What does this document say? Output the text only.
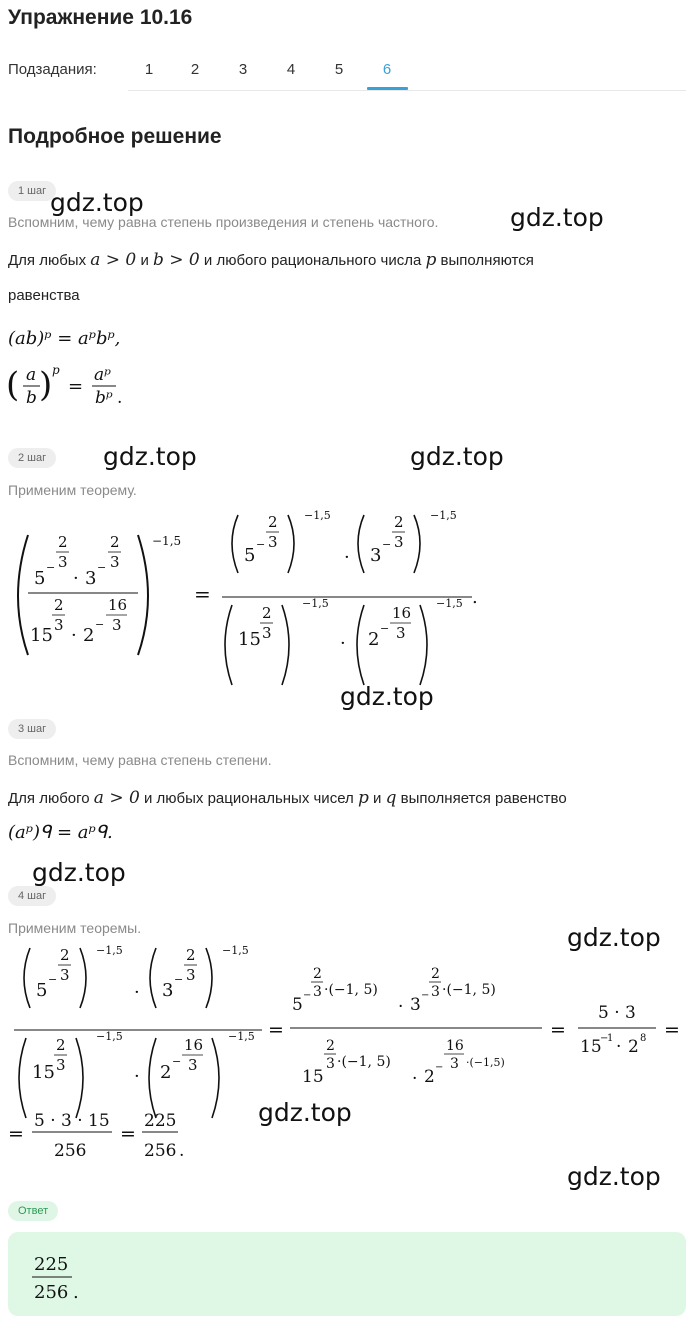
Упражнение 10.16
Подзадания:	1	2	3	4	5	6
Подробное решение
1 шаг
Вспомним, чему равна степень произведения и степень частного.
Для любых a > 0 и b > 0 и любого рационального числа p выполняются
равенства
(ab)ᵖ = aᵖbᵖ,
( a
b ) p
=
aᵖ
bᵖ .
2 шаг
Применим теорему.
5
−
2
3
· 3
−
2
3
15
2
3 · 2
−
16
3
−1,5
=
5
−
2
3
−1,5
· 3
−
2
3
−1,5
.
15
2
3
−1,5
· 2
−
16
3
−1,5
3 шаг
Вспомним, чему равна степень степени.
Для любого a > 0 и любых рациональных чисел p и q выполняется равенство
(aᵖ)ᑫ = aᵖᑫ.
4 шаг
Применим теоремы.
5
−
2
3
−1,5
· 3
−
2
3
−1,5
15
2
3
−1,5
· 2
−
16
3
−1,5 =
5 −
2
3 ·(−1, 5)
· 3 −
2
3 ·(−1, 5)
15
2
3 ·(−1, 5)
· 2 −
16
3 ·(−1,5)
=
5 · 3
15
−
1 · 2 8 =
=
5 · 3 · 15
256
=
225
256 .
Ответ
225
256 .
gdz.top
gdz.top
gdz.top	gdz.top
gdz.top
gdz.top
gdz.top
gdz.top
gdz.top
